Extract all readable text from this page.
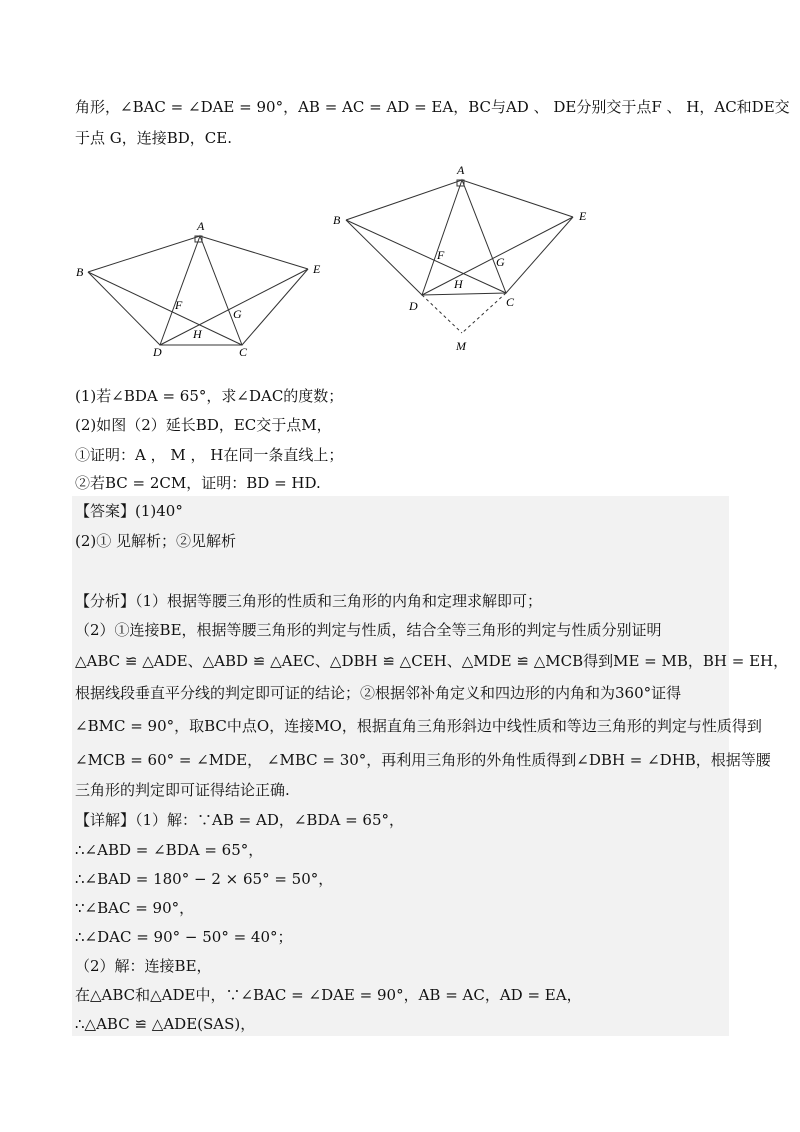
角形，∠BAC = ∠DAE = 90°，AB = AC = AD = EA，BC与AD 、 DE分别交于点F 、 H，AC和DE交
于点 G，连接BD，CE.
A
B	E
F
G
H
D	C
A
B	E
F	G
H
D	C
M
(1)若∠BDA = 65°，求∠DAC的度数；
(2)如图（2）延长BD，EC交于点M，
①证明：A ， M ， H在同一条直线上；
②若BC = 2CM，证明：BD = HD.
【答案】(1)40°
(2)① 见解析；②见解析
【分析】（1）根据等腰三角形的性质和三角形的内角和定理求解即可；
（2）①连接BE，根据等腰三角形的判定与性质，结合全等三角形的判定与性质分别证明
△ABC ≌ △ADE、△ABD ≌ △AEC、△DBH ≌ △CEH、△MDE ≌ △MCB得到ME = MB，BH = EH，
根据线段垂直平分线的判定即可证的结论；②根据邻补角定义和四边形的内角和为360°证得
∠BMC = 90°，取BC中点O，连接MO，根据直角三角形斜边中线性质和等边三角形的判定与性质得到
∠MCB = 60° = ∠MDE， ∠MBC = 30°，再利用三角形的外角性质得到∠DBH = ∠DHB，根据等腰
三角形的判定即可证得结论正确.
【详解】（1）解：∵AB = AD，∠BDA = 65°，
∴∠ABD = ∠BDA = 65°，
∴∠BAD = 180° − 2 × 65° = 50°，
∵∠BAC = 90°，
∴∠DAC = 90° − 50° = 40°；
（2）解：连接BE，
在△ABC和△ADE中，∵∠BAC = ∠DAE = 90°，AB = AC，AD = EA，
∴△ABC ≌ △ADE(SAS)，
